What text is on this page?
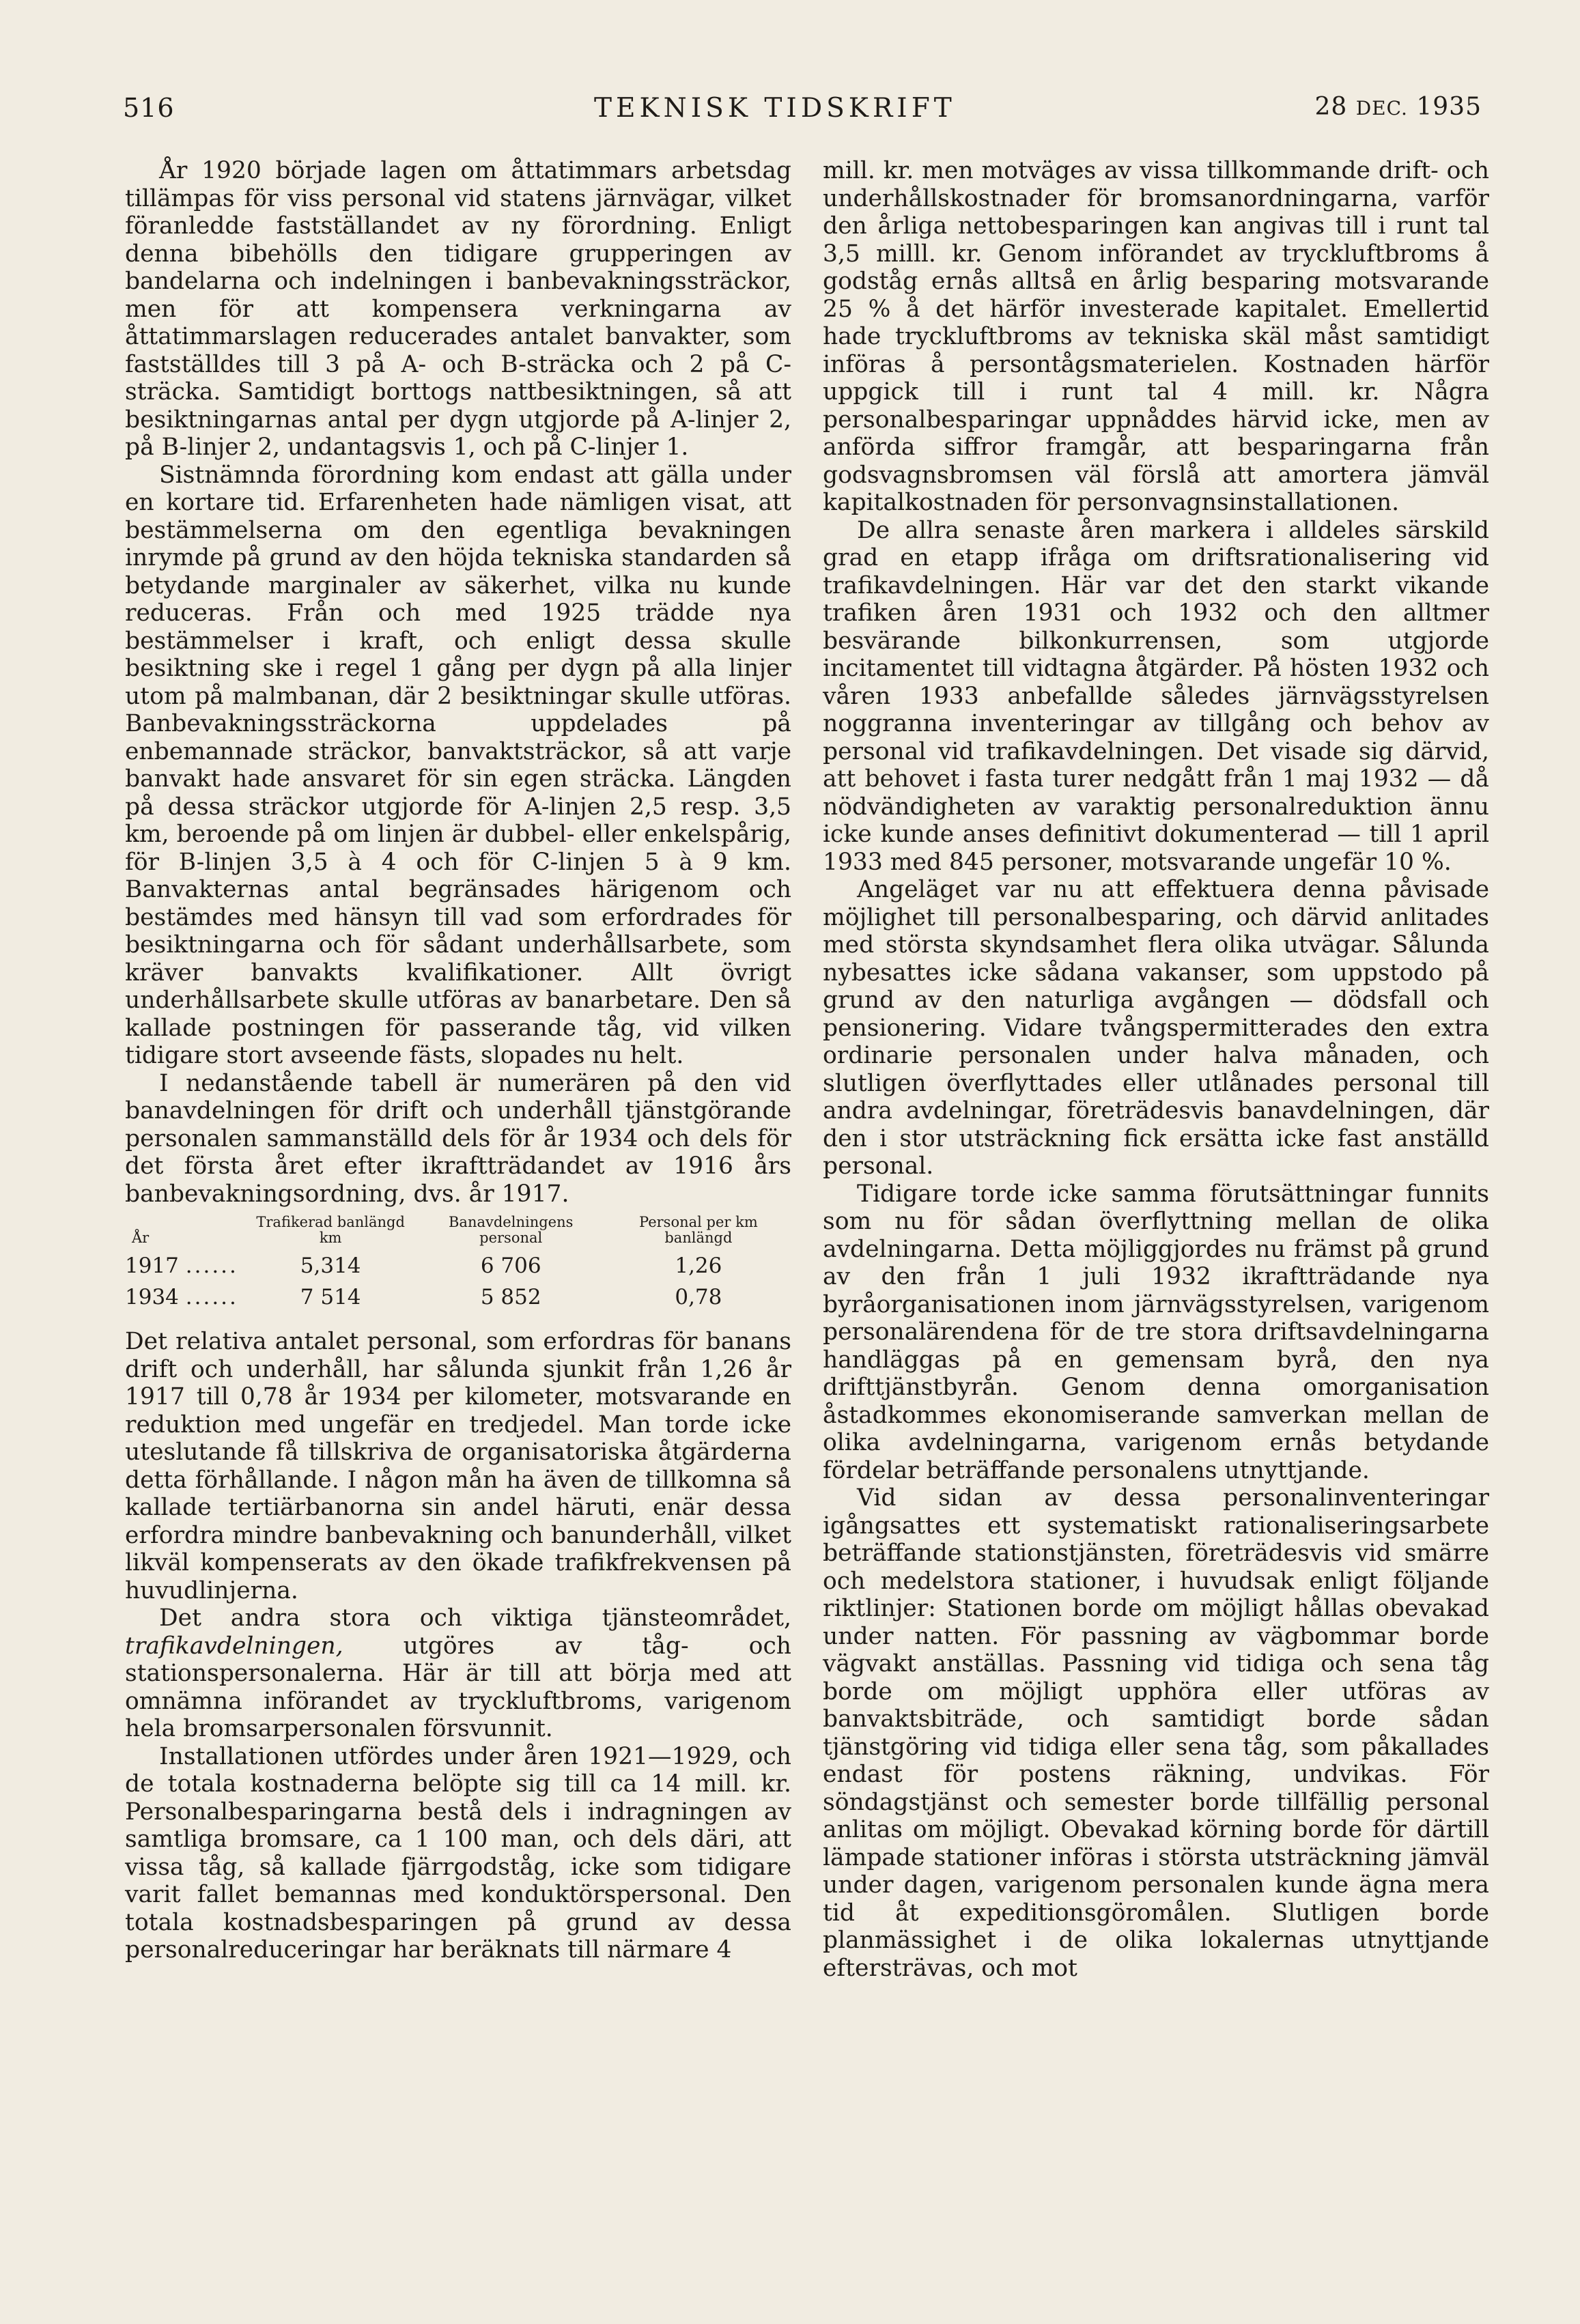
516	TEKNISK TIDSKRIFT	28 DEC. 1935

År 1920 började lagen om åttatimmars arbetsdag tillämpas för viss personal vid statens järnvägar, vilket föranledde fastställandet av ny förordning. Enligt denna bibehölls den tidigare grupperingen av bandelarna och indelningen i banbevakningssträckor, men för att kompensera verkningarna av åttatimmarslagen reducerades antalet banvakter, som fastställdes till 3 på A- och B-sträcka och 2 på C-sträcka. Samtidigt borttogs nattbesiktningen, så att besiktningarnas antal per dygn utgjorde på A-linjer 2, på B-linjer 2, undantagsvis 1, och på C-linjer 1.

Sistnämnda förordning kom endast att gälla under en kortare tid. Erfarenheten hade nämligen visat, att bestämmelserna om den egentliga bevakningen inrymde på grund av den höjda tekniska standarden så betydande marginaler av säkerhet, vilka nu kunde reduceras. Från och med 1925 trädde nya bestämmelser i kraft, och enligt dessa skulle besiktning ske i regel 1 gång per dygn på alla linjer utom på malmbanan, där 2 besiktningar skulle utföras. Banbevakningssträckorna uppdelades på enbemannade sträckor, banvaktsträckor, så att varje banvakt hade ansvaret för sin egen sträcka. Längden på dessa sträckor utgjorde för A-linjen 2,5 resp. 3,5 km, beroende på om linjen är dubbel- eller enkelspårig, för B-linjen 3,5 à 4 och för C-linjen 5 à 9 km. Banvakternas antal begränsades härigenom och bestämdes med hänsyn till vad som erfordrades för besiktningarna och för sådant underhållsarbete, som kräver banvakts kvalifikationer. Allt övrigt underhållsarbete skulle utföras av banarbetare. Den så kallade postningen för passerande tåg, vid vilken tidigare stort avseende fästs, slopades nu helt.

I nedanstående tabell är numerären på den vid banavdelningen för drift och underhåll tjänstgörande personalen sammanställd dels för år 1934 och dels för det första året efter ikraftträdandet av 1916 års banbevakningsordning, dvs. år 1917.

År	Trafikerad banlängd km	Banavdelningens personal	Personal per km banlängd
1917 ......	5,314	6 706	1,26
1934 ......	7 514	5 852	0,78

Det relativa antalet personal, som erfordras för banans drift och underhåll, har sålunda sjunkit från 1,26 år 1917 till 0,78 år 1934 per kilometer, motsvarande en reduktion med ungefär en tredjedel. Man torde icke uteslutande få tillskriva de organisatoriska åtgärderna detta förhållande. I någon mån ha även de tillkomna så kallade tertiärbanorna sin andel häruti, enär dessa erfordra mindre banbevakning och banunderhåll, vilket likväl kompenserats av den ökade trafikfrekvensen på huvudlinjerna.

Det andra stora och viktiga tjänsteområdet, trafikavdelningen, utgöres av tåg- och stationspersonalerna. Här är till att börja med att omnämna införandet av tryckluftbroms, varigenom hela bromsarpersonalen försvunnit.

Installationen utfördes under åren 1921—1929, och de totala kostnaderna belöpte sig till ca 14 mill. kr. Personalbesparingarna bestå dels i indragningen av samtliga bromsare, ca 1 100 man, och dels däri, att vissa tåg, så kallade fjärrgodståg, icke som tidigare varit fallet bemannas med konduktörspersonal. Den totala kostnadsbesparingen på grund av dessa personalreduceringar har beräknats till närmare 4

mill. kr. men motväges av vissa tillkommande drift- och underhållskostnader för bromsanordningarna, varför den årliga nettobesparingen kan angivas till i runt tal 3,5 milll. kr. Genom införandet av tryckluftbroms å godståg ernås alltså en årlig besparing motsvarande 25 % å det härför investerade kapitalet. Emellertid hade tryckluftbroms av tekniska skäl måst samtidigt införas å persontågsmaterielen. Kostnaden härför uppgick till i runt tal 4 mill. kr. Några personalbesparingar uppnåddes härvid icke, men av anförda siffror framgår, att besparingarna från godsvagnsbromsen väl förslå att amortera jämväl kapitalkostnaden för personvagnsinstallationen.

De allra senaste åren markera i alldeles särskild grad en etapp ifråga om driftsrationalisering vid trafikavdelningen. Här var det den starkt vikande trafiken åren 1931 och 1932 och den alltmer besvärande bilkonkurrensen, som utgjorde incitamentet till vidtagna åtgärder. På hösten 1932 och våren 1933 anbefallde således järnvägsstyrelsen noggranna inventeringar av tillgång och behov av personal vid trafikavdelningen. Det visade sig därvid, att behovet i fasta turer nedgått från 1 maj 1932 — då nödvändigheten av varaktig personalreduktion ännu icke kunde anses definitivt dokumenterad — till 1 april 1933 med 845 personer, motsvarande ungefär 10 %.

Angeläget var nu att effektuera denna påvisade möjlighet till personalbesparing, och därvid anlitades med största skyndsamhet flera olika utvägar. Sålunda nybesattes icke sådana vakanser, som uppstodo på grund av den naturliga avgången — dödsfall och pensionering. Vidare tvångspermitterades den extra ordinarie personalen under halva månaden, och slutligen överflyttades eller utlånades personal till andra avdelningar, företrädesvis banavdelningen, där den i stor utsträckning fick ersätta icke fast anställd personal.

Tidigare torde icke samma förutsättningar funnits som nu för sådan överflyttning mellan de olika avdelningarna. Detta möjliggjordes nu främst på grund av den från 1 juli 1932 ikraftträdande nya byråorganisationen inom järnvägsstyrelsen, varigenom personalärendena för de tre stora driftsavdelningarna handläggas på en gemensam byrå, den nya drifttjänstbyrån. Genom denna omorganisation åstadkommes ekonomiserande samverkan mellan de olika avdelningarna, varigenom ernås betydande fördelar beträffande personalens utnyttjande.

Vid sidan av dessa personalinventeringar igångsattes ett systematiskt rationaliseringsarbete beträffande stationstjänsten, företrädesvis vid smärre och medelstora stationer, i huvudsak enligt följande riktlinjer: Stationen borde om möjligt hållas obevakad under natten. För passning av vägbommar borde vägvakt anställas. Passning vid tidiga och sena tåg borde om möjligt upphöra eller utföras av banvaktsbiträde, och samtidigt borde sådan tjänstgöring vid tidiga eller sena tåg, som påkallades endast för postens räkning, undvikas. För söndagstjänst och semester borde tillfällig personal anlitas om möjligt. Obevakad körning borde för därtill lämpade stationer införas i största utsträckning jämväl under dagen, varigenom personalen kunde ägna mera tid åt expeditionsgöromålen. Slutligen borde planmässighet i de olika lokalernas utnyttjande eftersträvas, och mot
